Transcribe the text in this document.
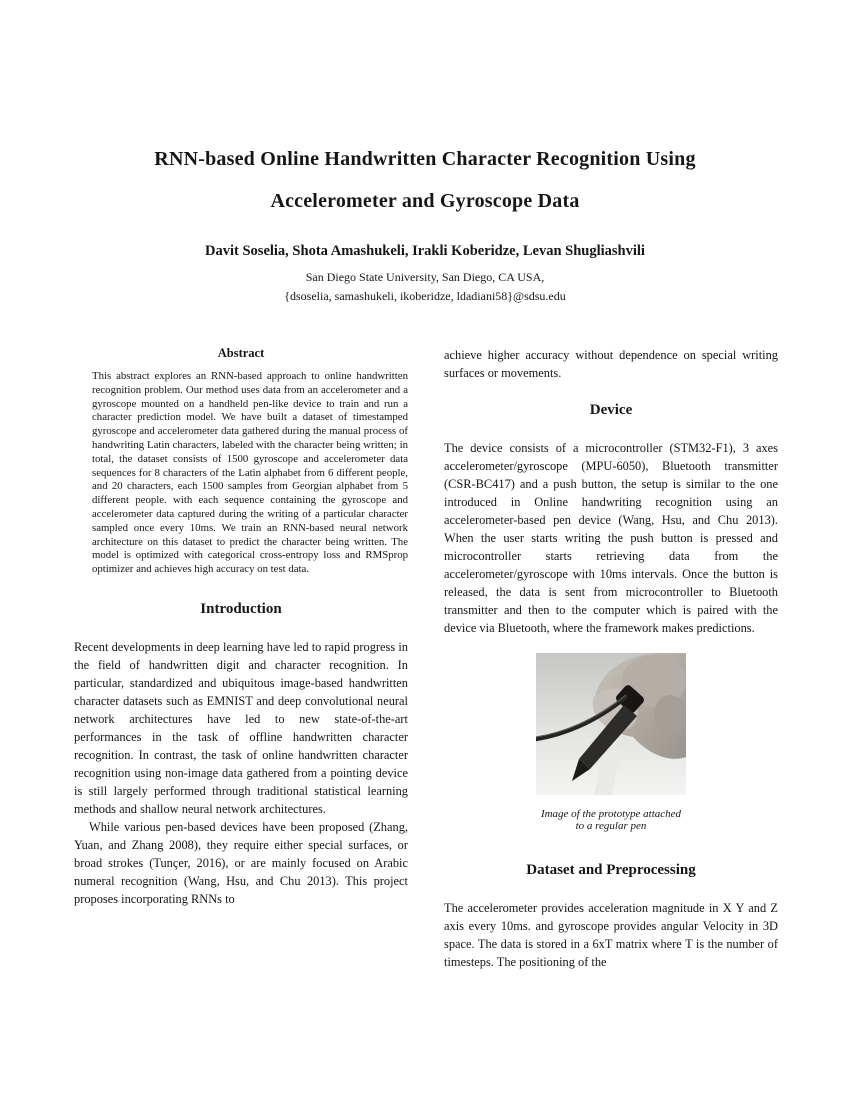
RNN-based Online Handwritten Character Recognition Using
Accelerometer and Gyroscope Data
Davit Soselia, Shota Amashukeli, Irakli Koberidze, Levan Shugliashvili
San Diego State University, San Diego, CA USA,
{dsoselia, samashukeli, ikoberidze, ldadiani58}@sdsu.edu
Abstract

This abstract explores an RNN-based approach to online handwritten recognition problem. Our method uses data from an accelerometer and a gyroscope mounted on a handheld pen-like device to train and run a character prediction model. We have built a dataset of timestamped gyroscope and accelerometer data gathered during the manual process of handwriting Latin characters, labeled with the character being written; in total, the dataset consists of 1500 gyroscope and accelerometer data sequences for 8 characters of the Latin alphabet from 6 different people, and 20 characters, each 1500 samples from Georgian alphabet from 5 different people. with each sequence containing the gyroscope and accelerometer data captured during the writing of a particular character sampled once every 10ms. We train an RNN-based neural network architecture on this dataset to predict the character being written. The model is optimized with categorical cross-entropy loss and RMSprop optimizer and achieves high accuracy on test data.

Introduction

Recent developments in deep learning have led to rapid progress in the field of handwritten digit and character recognition. In particular, standardized and ubiquitous image-based handwritten character datasets such as EMNIST and deep convolutional neural network architectures have led to new state-of-the-art performances in the task of offline handwritten character recognition. In contrast, the task of online handwritten character recognition using non-image data gathered from a pointing device is still largely performed through traditional statistical learning methods and shallow neural network architectures.

While various pen-based devices have been proposed (Zhang, Yuan, and Zhang 2008), they require either special surfaces, or broad strokes (Tunçer, 2016), or are mainly focused on Arabic numeral recognition (Wang, Hsu, and Chu 2013). This project proposes incorporating RNNs to

achieve higher accuracy without dependence on special writing surfaces or movements.

Device

The device consists of a microcontroller (STM32-F1), 3 axes accelerometer/gyroscope (MPU-6050), Bluetooth transmitter (CSR-BC417) and a push button, the setup is similar to the one introduced in Online handwriting recognition using an accelerometer-based pen device (Wang, Hsu, and Chu 2013). When the user starts writing the push button is pressed and microcontroller starts retrieving data from the accelerometer/gyroscope with 10ms intervals. Once the button is released, the data is sent from microcontroller to Bluetooth transmitter and then to the computer which is paired with the device via Bluetooth, where the framework makes predictions.

Image of the prototype attached to a regular pen
Dataset and Preprocessing

The accelerometer provides acceleration magnitude in X Y and Z axis every 10ms. and gyroscope provides angular Velocity in 3D space. The data is stored in a 6xT matrix where T is the number of timesteps. The positioning of the
